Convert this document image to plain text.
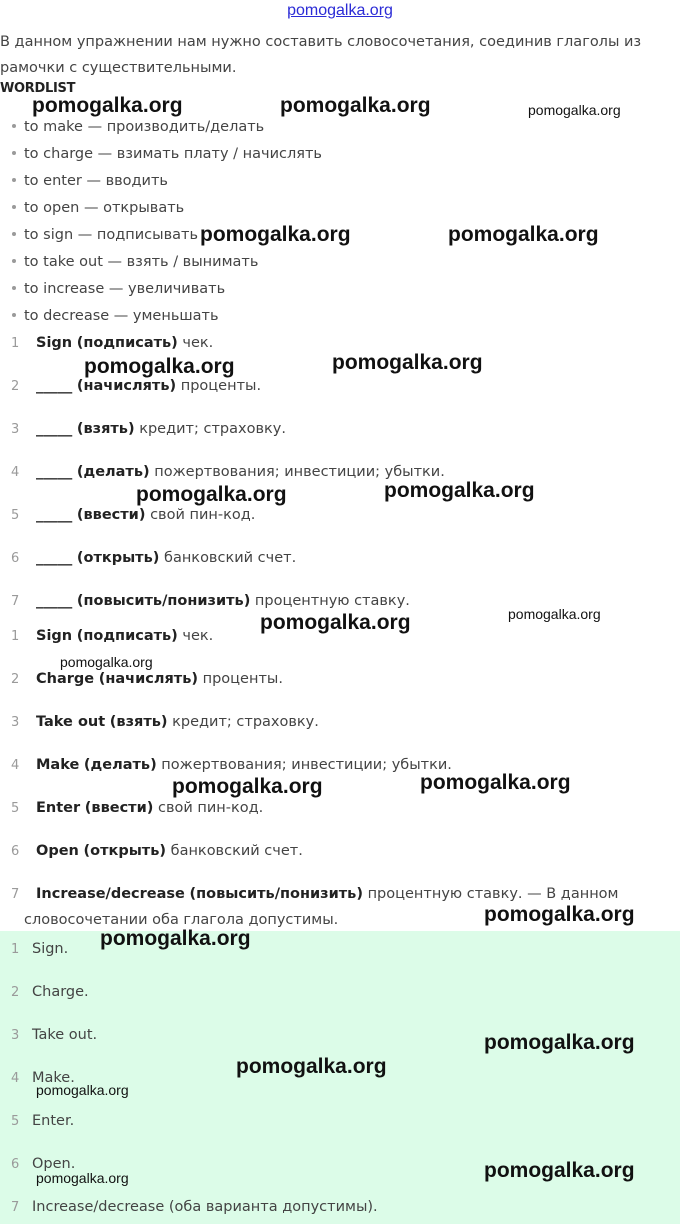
pomogalka.org
В данном упражнении нам нужно составить словосочетания, соединив глаголы из рамочки с существительными.
WORDLIST
to make — производить/делать
to charge — взимать плату / начислять
to enter — вводить
to open — открывать
to sign — подписывать
to take out — взять / вынимать
to increase — увеличивать
to decrease — уменьшать
1 Sign (подписать) чек.
2 _____ (начислять) проценты.
3 _____ (взять) кредит; страховку.
4 _____ (делать) пожертвования; инвестиции; убытки.
5 _____ (ввести) свой пин-код.
6 _____ (открыть) банковский счет.
7 _____ (повысить/понизить) процентную ставку.
1 Sign (подписать) чек.
2 Charge (начислять) проценты.
3 Take out (взять) кредит; страховку.
4 Make (делать) пожертвования; инвестиции; убытки.
5 Enter (ввести) свой пин-код.
6 Open (открыть) банковский счет.
7 Increase/decrease (повысить/понизить) процентную ставку. — В данном
словосочетании оба глагола допустимы.
1 Sign.
2 Charge.
3 Take out.
4 Make.
5 Enter.
6 Open.
7 Increase/decrease (оба варианта допустимы).
pomogalka.org	pomogalka.org	pomogalka.org
pomogalka.org	pomogalka.org
pomogalka.org	pomogalka.org
pomogalka.org	pomogalka.org
pomogalka.org	pomogalka.org
pomogalka.org
pomogalka.org	pomogalka.org
pomogalka.org
pomogalka.org
pomogalka.org
pomogalka.org
pomogalka.org
pomogalka.org
pomogalka.org
